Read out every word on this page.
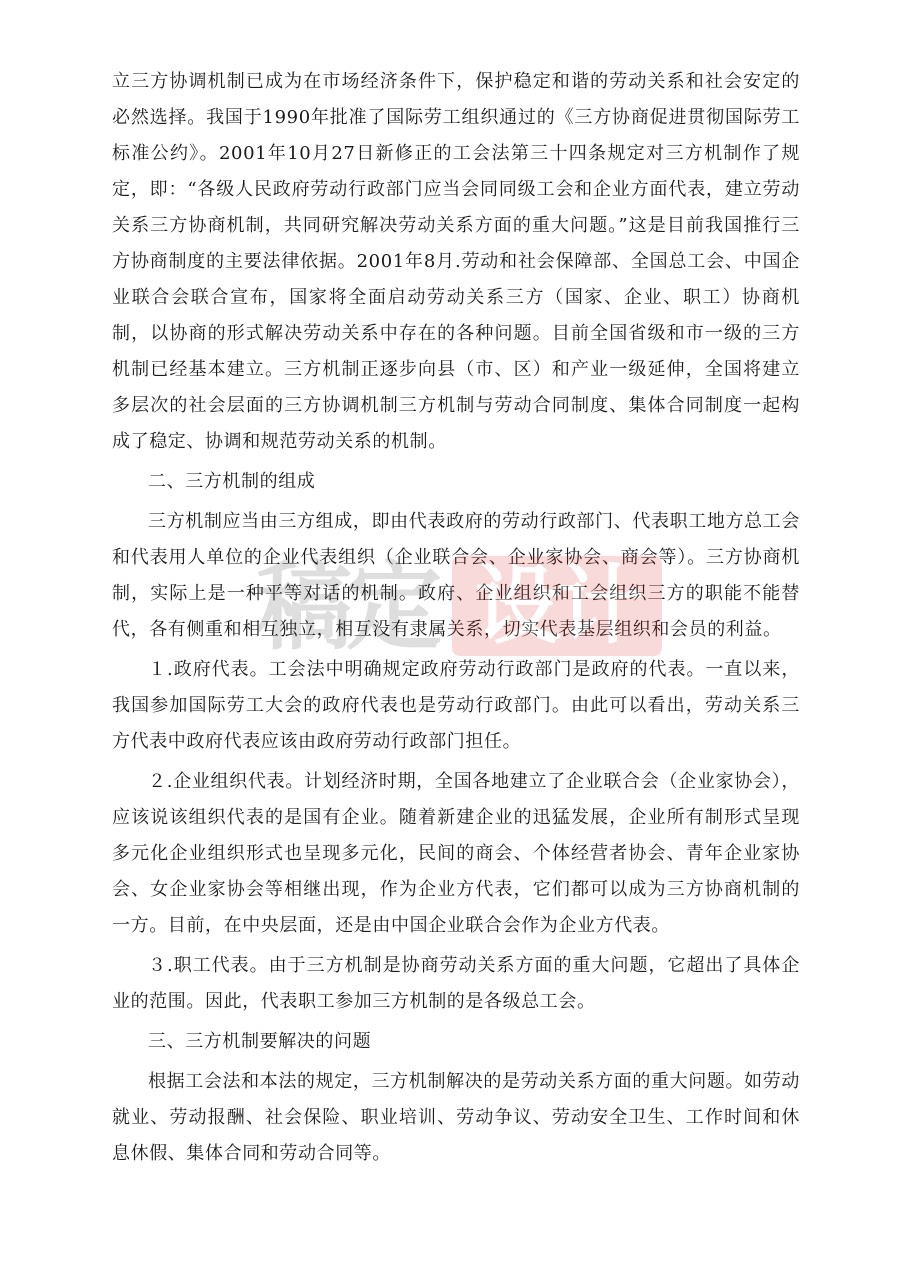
立三方协调机制已成为在市场经济条件下，保护稳定和谐的劳动关系和社会安定的必然选择。我国于1990年批准了国际劳工组织通过的《三方协商促进贯彻国际劳工标准公约》。2001年10月27日新修正的工会法第三十四条规定对三方机制作了规定，即：“各级人民政府劳动行政部门应当会同同级工会和企业方面代表，建立劳动关系三方协商机制，共同研究解决劳动关系方面的重大问题。”这是目前我国推行三方协商制度的主要法律依据。2001年8月.劳动和社会保障部、全国总工会、中国企业联合会联合宣布，国家将全面启动劳动关系三方（国家、企业、职工）协商机制，以协商的形式解决劳动关系中存在的各种问题。目前全国省级和市一级的三方机制已经基本建立。三方机制正逐步向县（市、区）和产业一级延伸，全国将建立多层次的社会层面的三方协调机制三方机制与劳动合同制度、集体合同制度一起构成了稳定、协调和规范劳动关系的机制。

二、三方机制的组成

三方机制应当由三方组成，即由代表政府的劳动行政部门、代表职工地方总工会和代表用人单位的企业代表组织（企业联合会、企业家协会、商会等）。三方协商机制，实际上是一种平等对话的机制。政府、企业组织和工会组织三方的职能不能替代，各有侧重和相互独立，相互没有隶属关系，切实代表基层组织和会员的利益。

１.政府代表。工会法中明确规定政府劳动行政部门是政府的代表。一直以来，我国参加国际劳工大会的政府代表也是劳动行政部门。由此可以看出，劳动关系三方代表中政府代表应该由政府劳动行政部门担任。

２.企业组织代表。计划经济时期，全国各地建立了企业联合会（企业家协会），应该说该组织代表的是国有企业。随着新建企业的迅猛发展，企业所有制形式呈现多元化企业组织形式也呈现多元化，民间的商会、个体经营者协会、青年企业家协会、女企业家协会等相继出现，作为企业方代表，它们都可以成为三方协商机制的一方。目前，在中央层面，还是由中国企业联合会作为企业方代表。

３.职工代表。由于三方机制是协商劳动关系方面的重大问题，它超出了具体企业的范围。因此，代表职工参加三方机制的是各级总工会。

三、三方机制要解决的问题

根据工会法和本法的规定，三方机制解决的是劳动关系方面的重大问题。如劳动就业、劳动报酬、社会保险、职业培训、劳动争议、劳动安全卫生、工作时间和休息休假、集体合同和劳动合同等。

稿定 设计
